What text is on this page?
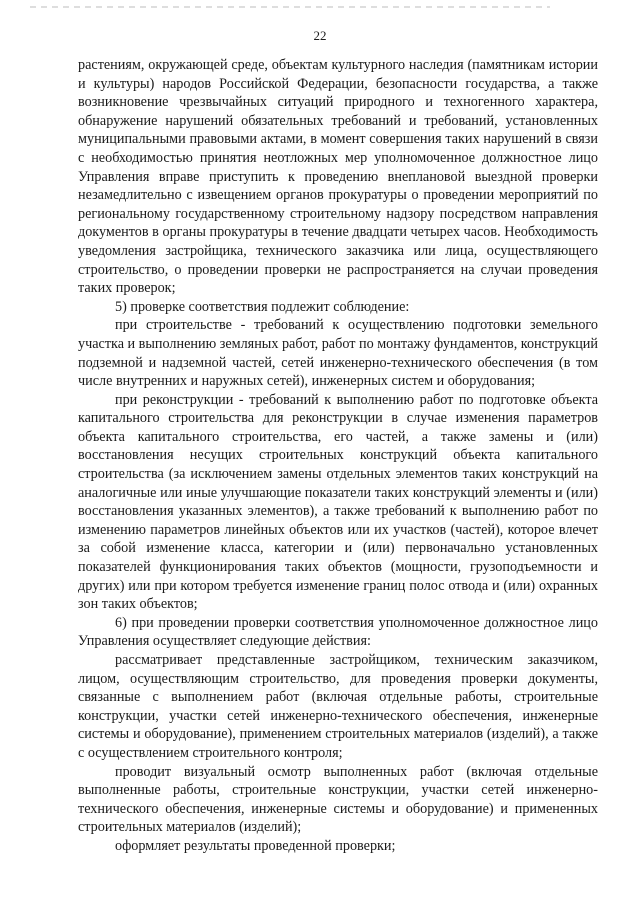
22

растениям, окружающей среде, объектам культурного наследия (памятникам истории и культуры) народов Российской Федерации, безопасности государства, а также возникновение чрезвычайных ситуаций природного и техногенного характера, обнаружение нарушений обязательных требований и требований, установленных муниципальными правовыми актами, в момент совершения таких нарушений в связи с необходимостью принятия неотложных мер уполномоченное должностное лицо Управления вправе приступить к проведению внеплановой выездной проверки незамедлительно с извещением органов прокуратуры о проведении мероприятий по региональному государственному строительному надзору посредством направления документов в органы прокуратуры в течение двадцати четырех часов. Необходимость уведомления застройщика, технического заказчика или лица, осуществляющего строительство, о проведении проверки не распространяется на случаи проведения таких проверок;

5) проверке соответствия подлежит соблюдение:

при строительстве - требований к осуществлению подготовки земельного участка и выполнению земляных работ, работ по монтажу фундаментов, конструкций подземной и надземной частей, сетей инженерно-технического обеспечения (в том числе внутренних и наружных сетей), инженерных систем и оборудования;

при реконструкции - требований к выполнению работ по подготовке объекта капитального строительства для реконструкции в случае изменения параметров объекта капитального строительства, его частей, а также замены и (или) восстановления несущих строительных конструкций объекта капитального строительства (за исключением замены отдельных элементов таких конструкций на аналогичные или иные улучшающие показатели таких конструкций элементы и (или) восстановления указанных элементов), а также требований к выполнению работ по изменению параметров линейных объектов или их участков (частей), которое влечет за собой изменение класса, категории и (или) первоначально установленных показателей функционирования таких объектов (мощности, грузоподъемности и других) или при котором требуется изменение границ полос отвода и (или) охранных зон таких объектов;

6) при проведении проверки соответствия уполномоченное должностное лицо Управления осуществляет следующие действия:

рассматривает представленные застройщиком, техническим заказчиком, лицом, осуществляющим строительство, для проведения проверки документы, связанные с выполнением работ (включая отдельные работы, строительные конструкции, участки сетей инженерно-технического обеспечения, инженерные системы и оборудование), применением строительных материалов (изделий), а также с осуществлением строительного контроля;

проводит визуальный осмотр выполненных работ (включая отдельные выполненные работы, строительные конструкции, участки сетей инженерно-технического обеспечения, инженерные системы и оборудование) и примененных строительных материалов (изделий);

оформляет результаты проведенной проверки;
